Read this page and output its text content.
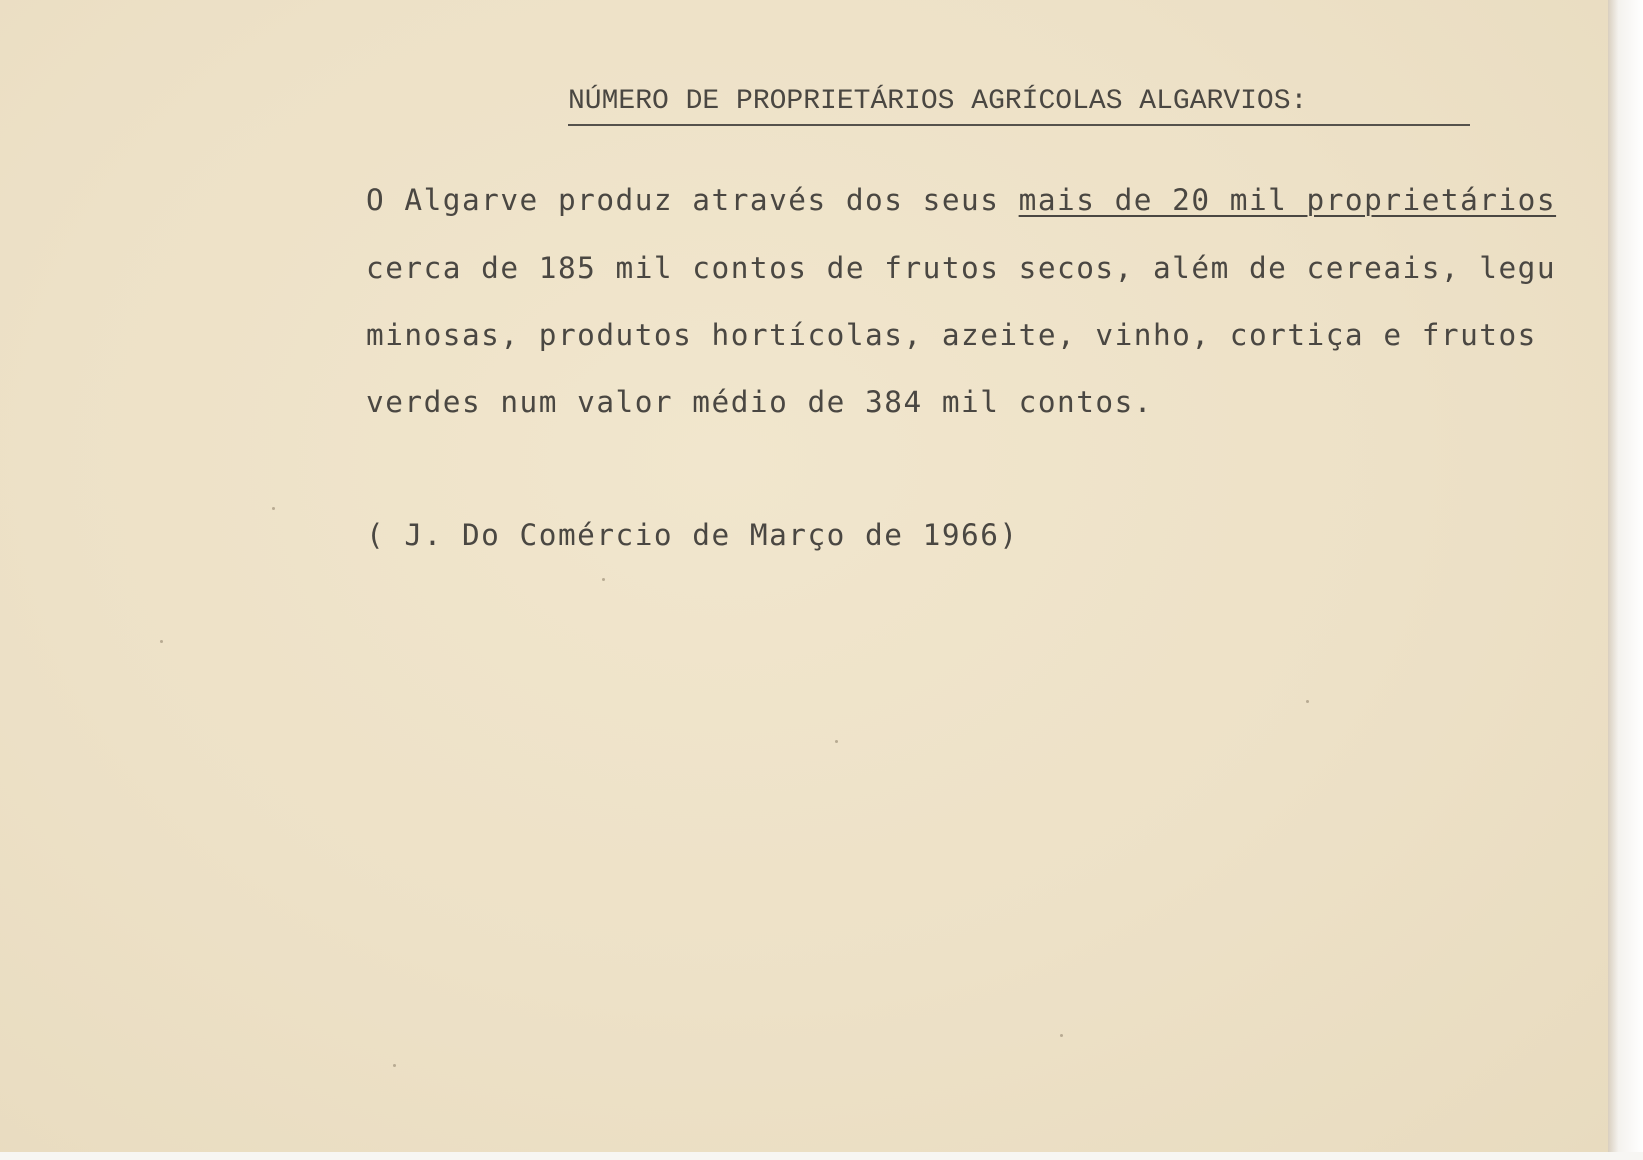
NÚMERO DE PROPRIETÁRIOS AGRÍCOLAS ALGARVIOS:
O Algarve produz através dos seus mais de 20 mil proprietários
cerca de 185 mil contos de frutos secos, além de cereais, legu
minosas, produtos hortícolas, azeite, vinho, cortiça e frutos
verdes num valor médio de 384 mil contos.
( J. Do Comércio de Março de 1966)
